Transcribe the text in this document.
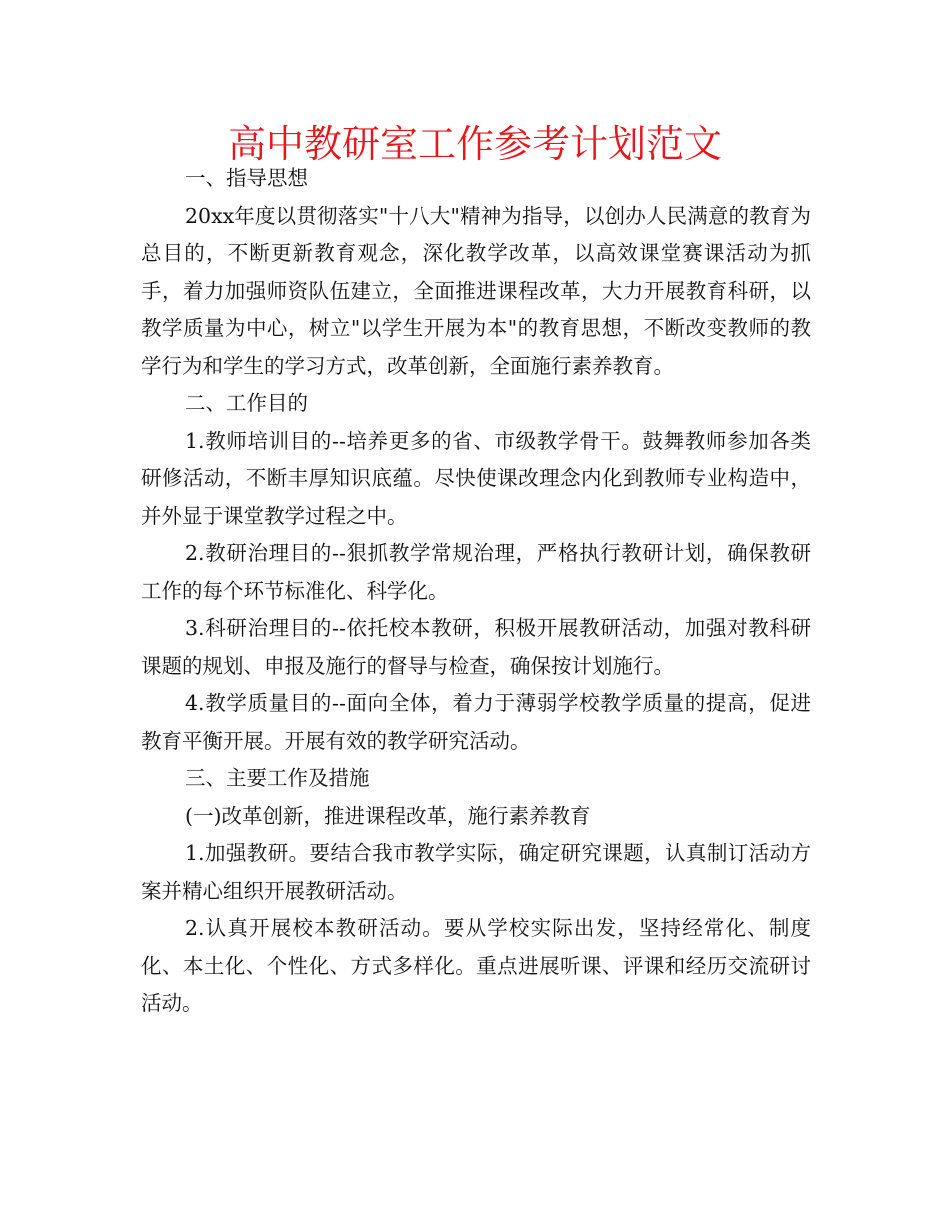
高中教研室工作参考计划范文

一、指导思想

20xx年度以贯彻落实"十八大"精神为指导，以创办人民满意的教育为总目的，不断更新教育观念，深化教学改革，以高效课堂赛课活动为抓手，着力加强师资队伍建立，全面推进课程改革，大力开展教育科研，以教学质量为中心，树立"以学生开展为本"的教育思想，不断改变教师的教学行为和学生的学习方式，改革创新，全面施行素养教育。

二、工作目的

1.教师培训目的--培养更多的省、市级教学骨干。鼓舞教师参加各类研修活动，不断丰厚知识底蕴。尽快使课改理念内化到教师专业构造中，并外显于课堂教学过程之中。

2.教研治理目的--狠抓教学常规治理，严格执行教研计划，确保教研工作的每个环节标准化、科学化。

3.科研治理目的--依托校本教研，积极开展教研活动，加强对教科研课题的规划、申报及施行的督导与检查，确保按计划施行。

4.教学质量目的--面向全体，着力于薄弱学校教学质量的提高，促进教育平衡开展。开展有效的教学研究活动。

三、主要工作及措施

(一)改革创新，推进课程改革，施行素养教育

1.加强教研。要结合我市教学实际，确定研究课题，认真制订活动方案并精心组织开展教研活动。

2.认真开展校本教研活动。要从学校实际出发，坚持经常化、制度化、本土化、个性化、方式多样化。重点进展听课、评课和经历交流研讨活动。
